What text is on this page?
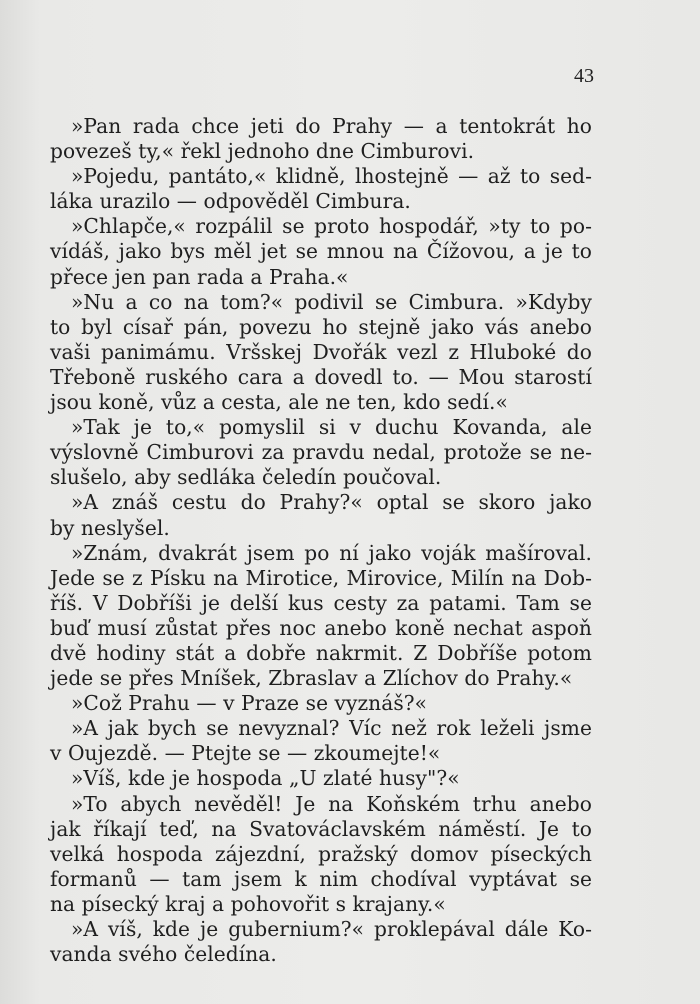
43
»Pan rada chce jeti do Prahy — a tentokrát ho
povezeš ty,« řekl jednoho dne Cimburovi.
»Pojedu, pantáto,« klidně, lhostejně — až to sed-
láka urazilo — odpověděl Cimbura.
»Chlapče,« rozpálil se proto hospodář, »ty to po-
vídáš, jako bys měl jet se mnou na Čížovou, a je to
přece jen pan rada a Praha.«
»Nu a co na tom?« podivil se Cimbura. »Kdyby
to byl císař pán, povezu ho stejně jako vás anebo
vaši panimámu. Vršskej Dvořák vezl z Hluboké do
Třeboně ruského cara a dovedl to. — Mou starostí
jsou koně, vůz a cesta, ale ne ten, kdo sedí.«
»Tak je to,« pomyslil si v duchu Kovanda, ale
výslovně Cimburovi za pravdu nedal, protože se ne-
slušelo, aby sedláka čeledín poučoval.
»A znáš cestu do Prahy?« optal se skoro jako
by neslyšel.
»Znám, dvakrát jsem po ní jako voják mašíroval.
Jede se z Písku na Mirotice, Mirovice, Milín na Dob-
říš. V Dobříši je delší kus cesty za patami. Tam se
buď musí zůstat přes noc anebo koně nechat aspoň
dvě hodiny stát a dobře nakrmit. Z Dobříše potom
jede se přes Mníšek, Zbraslav a Zlíchov do Prahy.«
»Což Prahu — v Praze se vyznáš?«
»A jak bych se nevyznal? Víc než rok leželi jsme
v Oujezdě. — Ptejte se — zkoumejte!«
»Víš, kde je hospoda „U zlaté husy"?«
»To abych nevěděl! Je na Koňském trhu anebo
jak říkají teď, na Svatováclavském náměstí. Je to
velká hospoda zájezdní, pražský domov píseckých
formanů — tam jsem k nim chodíval vyptávat se
na písecký kraj a pohovořit s krajany.«
»A víš, kde je gubernium?« proklepával dále Ko-
vanda svého čeledína.
